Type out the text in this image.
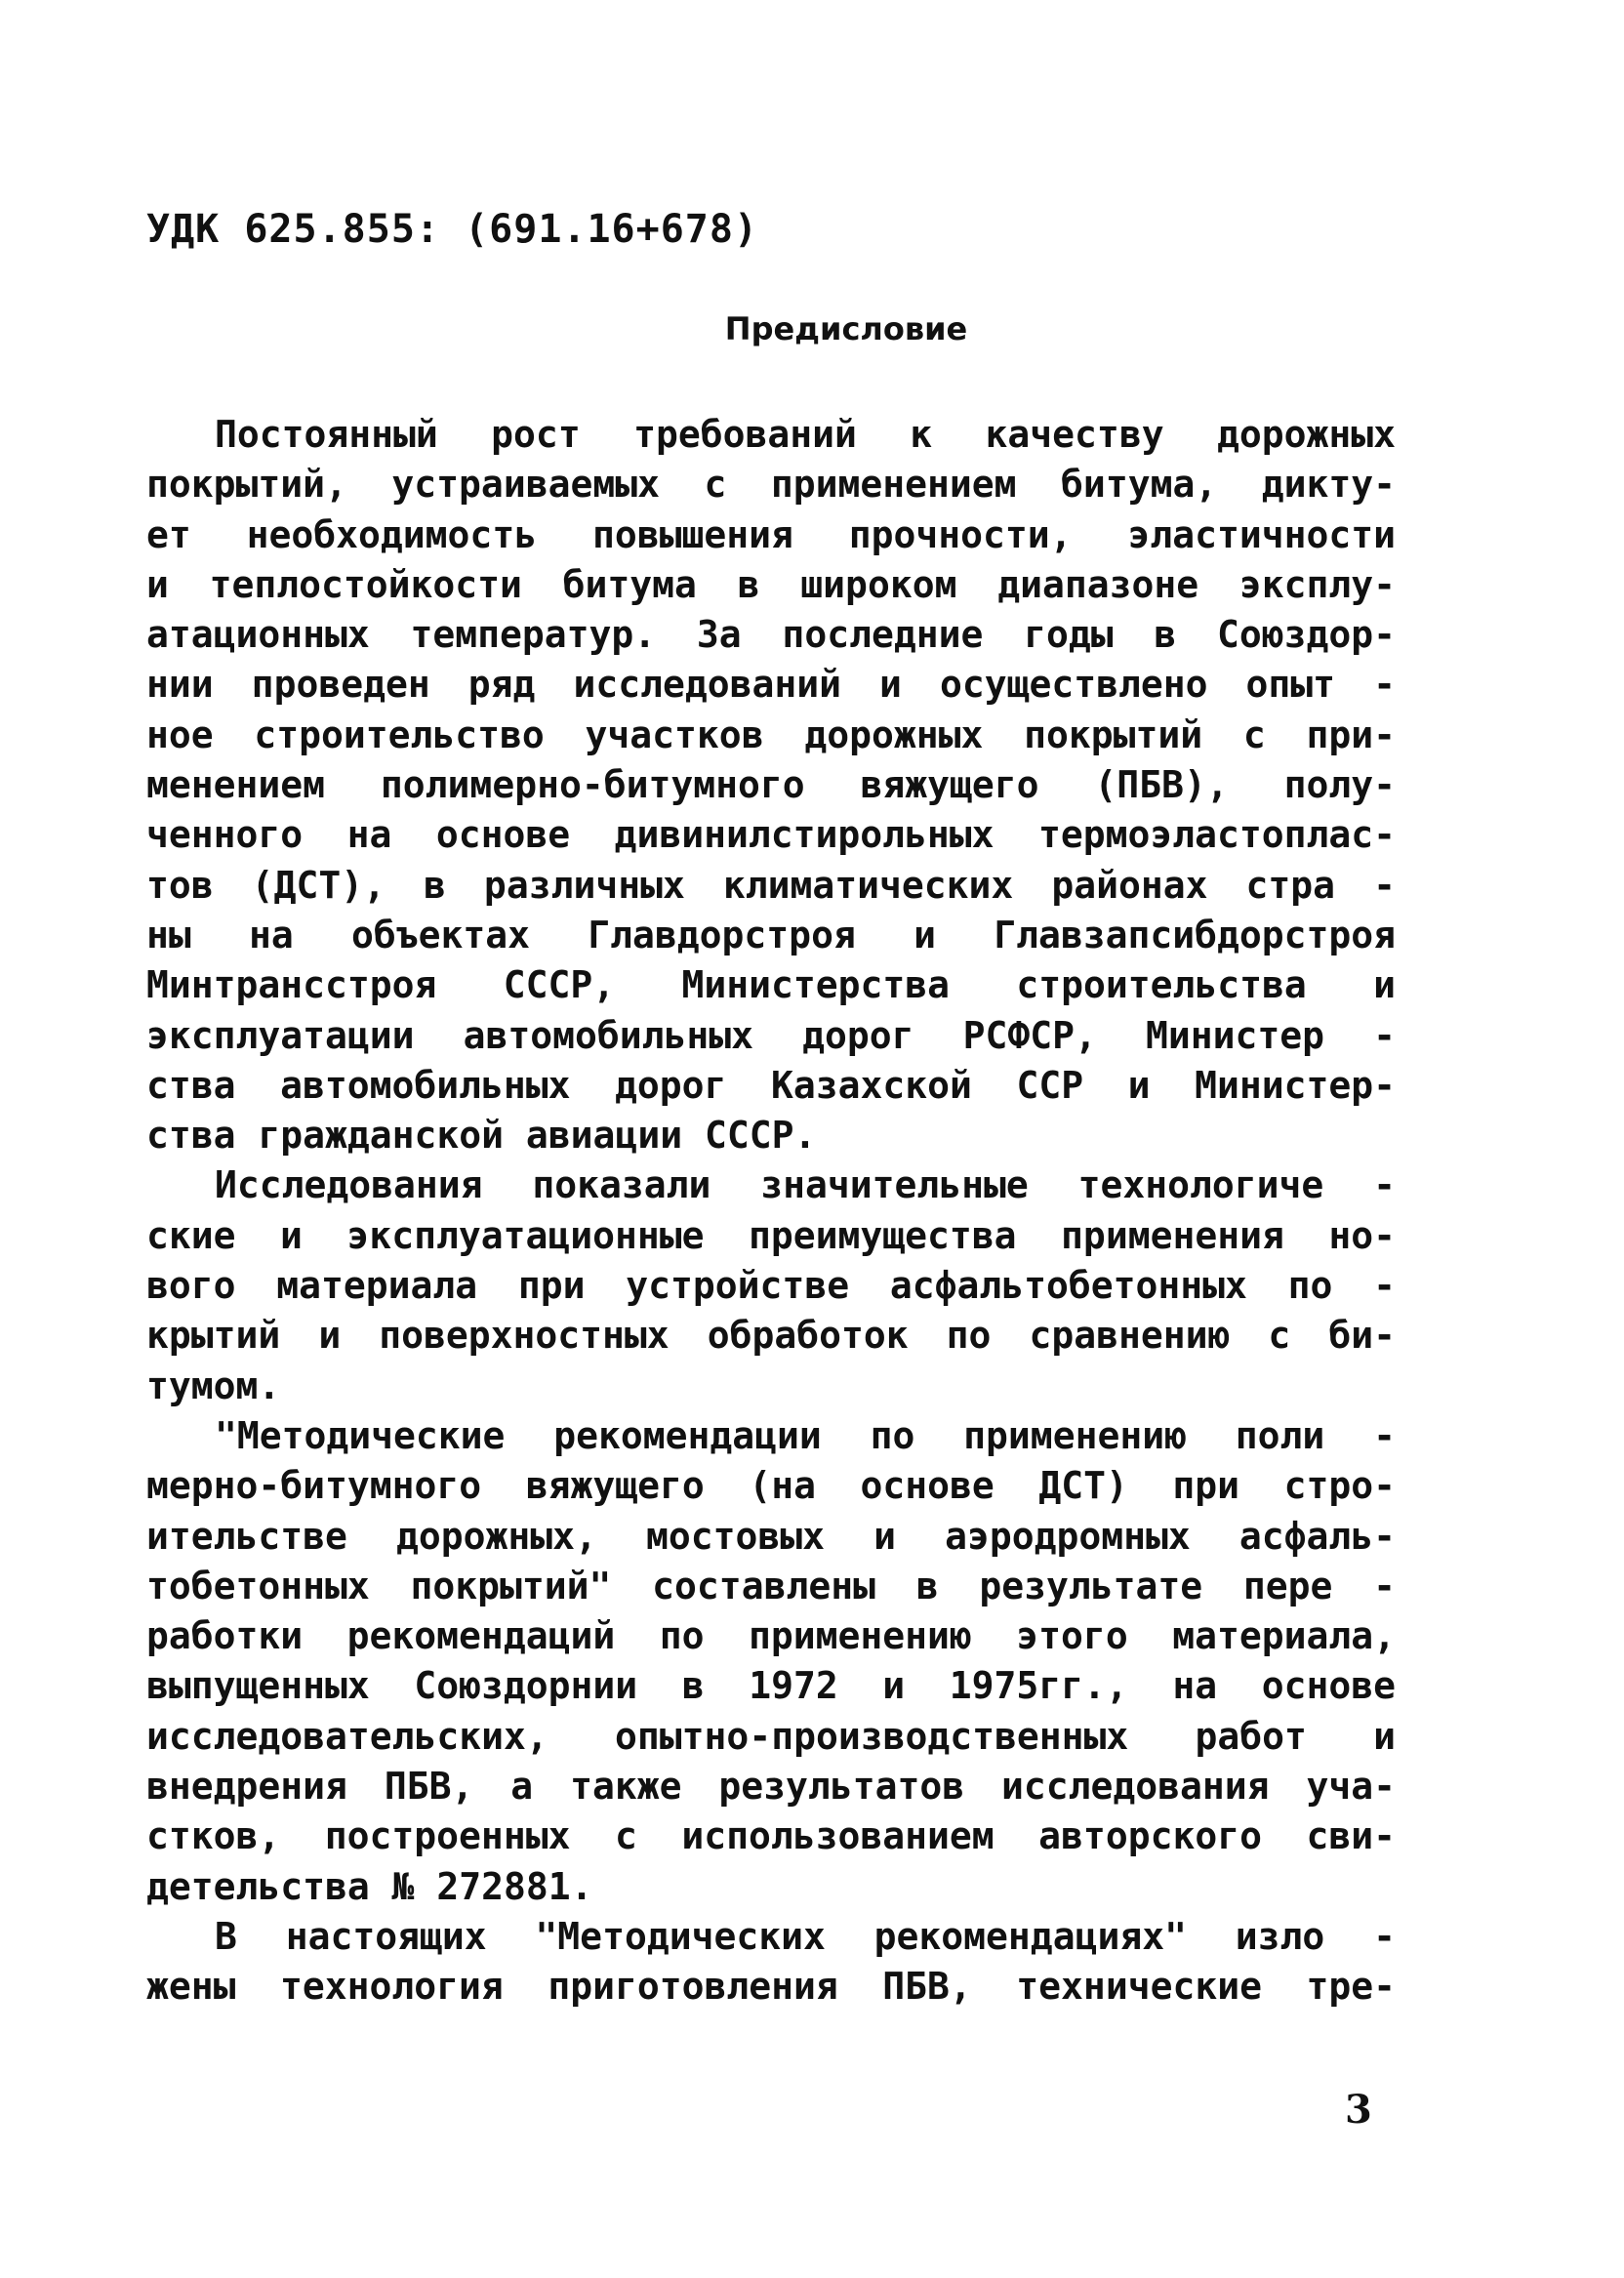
УДК 625.855: (691.16+678)
Предисловие
Постоянный рост требований к качеству дорожных
покрытий, устраиваемых с применением битума, дикту-
ет необходимость повышения прочности, эластичности
и теплостойкости битума в широком диапазоне эксплу-
атационных температур. За последние годы в Союздор-
нии проведен ряд исследований и осуществлено опыт -
ное строительство участков дорожных покрытий с при-
менением полимерно-битумного вяжущего (ПБВ), полу-
ченного на основе дивинилстирольных термоэластоплас-
тов (ДСТ), в различных климатических районах стра -
ны на объектах Главдорстроя и Главзапсибдорстроя
Минтрансстроя СССР, Министерства строительства и
эксплуатации автомобильных дорог РСФСР, Министер -
ства автомобильных дорог Казахской ССР и Министер-
ства гражданской авиации СССР.
Исследования показали значительные технологиче -
ские и эксплуатационные преимущества применения но-
вого материала при устройстве асфальтобетонных по -
крытий и поверхностных обработок по сравнению с би-
тумом.
"Методические рекомендации по применению поли -
мерно-битумного вяжущего (на основе ДСТ) при стро-
ительстве дорожных, мостовых и аэродромных асфаль-
тобетонных покрытий" составлены в результате пере -
работки рекомендаций по применению этого материала,
выпущенных Союздорнии в 1972 и 1975гг., на основе
исследовательских, опытно-производственных работ и
внедрения ПБВ, а также результатов исследования уча-
стков, построенных с использованием авторского сви-
детельства № 272881.
В настоящих "Методических рекомендациях" изло -
жены технология приготовления ПБВ, технические тре-
3
